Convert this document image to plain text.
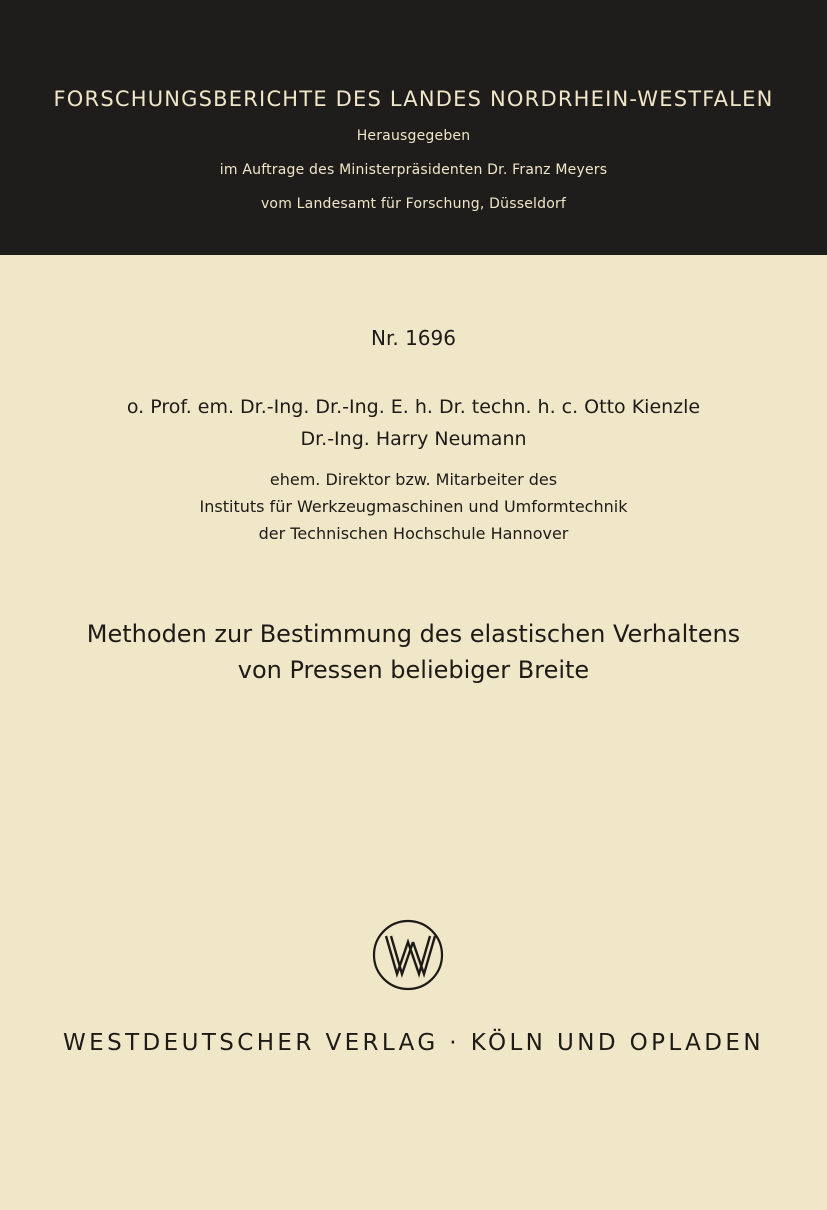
FORSCHUNGSBERICHTE DES LANDES NORDRHEIN-WESTFALEN
Herausgegeben
im Auftrage des Ministerpräsidenten Dr. Franz Meyers
vom Landesamt für Forschung, Düsseldorf
Nr. 1696
o. Prof. em. Dr.-Ing. Dr.-Ing. E. h. Dr. techn. h. c. Otto Kienzle
Dr.-Ing. Harry Neumann
ehem. Direktor bzw. Mitarbeiter des
Instituts für Werkzeugmaschinen und Umformtechnik
der Technischen Hochschule Hannover
Methoden zur Bestimmung des elastischen Verhaltens
von Pressen beliebiger Breite
WESTDEUTSCHER VERLAG · KÖLN UND OPLADEN
